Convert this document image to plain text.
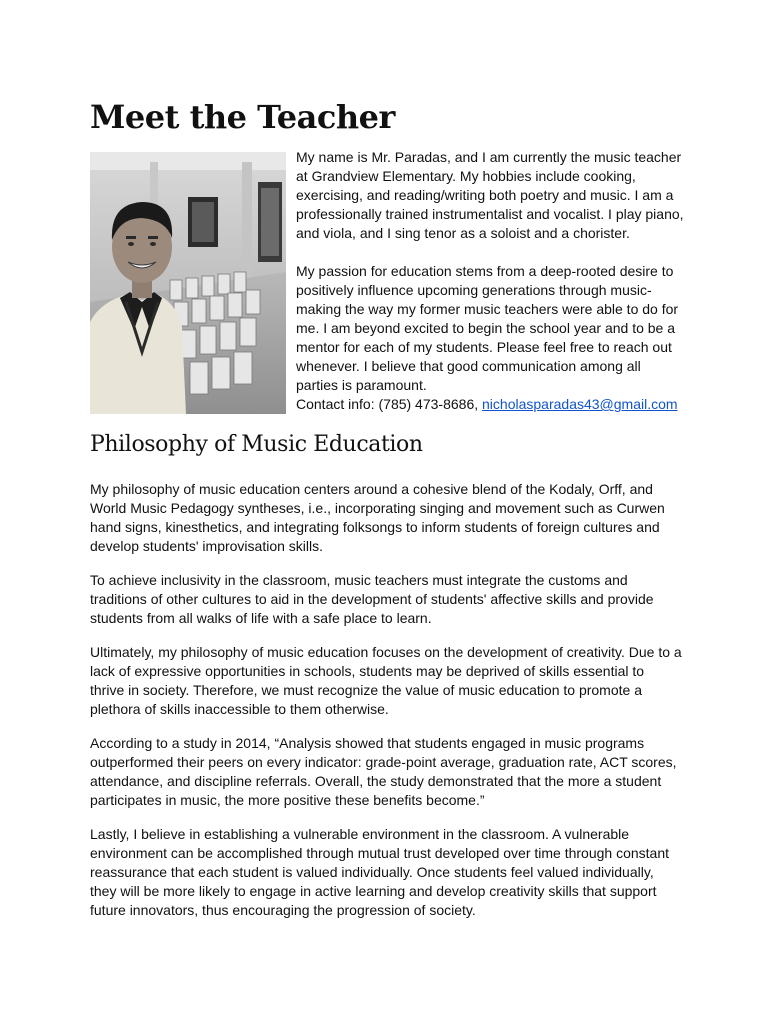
Meet the Teacher

My name is Mr. Paradas, and I am currently the music teacher at Grandview Elementary. My hobbies include cooking, exercising, and reading/writing both poetry and music. I am a professionally trained instrumentalist and vocalist. I play piano, and viola, and I sing tenor as a soloist and a chorister.

My passion for education stems from a deep-rooted desire to positively influence upcoming generations through music-making the way my former music teachers were able to do for me. I am beyond excited to begin the school year and to be a mentor for each of my students. Please feel free to reach out whenever. I believe that good communication among all parties is paramount.

Contact info: (785) 473-8686, nicholasparadas43@gmail.com

Philosophy of Music Education

My philosophy of music education centers around a cohesive blend of the Kodaly, Orff, and World Music Pedagogy syntheses, i.e., incorporating singing and movement such as Curwen hand signs, kinesthetics, and integrating folksongs to inform students of foreign cultures and develop students' improvisation skills.

To achieve inclusivity in the classroom, music teachers must integrate the customs and traditions of other cultures to aid in the development of students' affective skills and provide students from all walks of life with a safe place to learn.

Ultimately, my philosophy of music education focuses on the development of creativity. Due to a lack of expressive opportunities in schools, students may be deprived of skills essential to thrive in society. Therefore, we must recognize the value of music education to promote a plethora of skills inaccessible to them otherwise.

According to a study in 2014, “Analysis showed that students engaged in music programs outperformed their peers on every indicator: grade-point average, graduation rate, ACT scores, attendance, and discipline referrals. Overall, the study demonstrated that the more a student participates in music, the more positive these benefits become.”

Lastly, I believe in establishing a vulnerable environment in the classroom. A vulnerable environment can be accomplished through mutual trust developed over time through constant reassurance that each student is valued individually. Once students feel valued individually, they will be more likely to engage in active learning and develop creativity skills that support future innovators, thus encouraging the progression of society.
